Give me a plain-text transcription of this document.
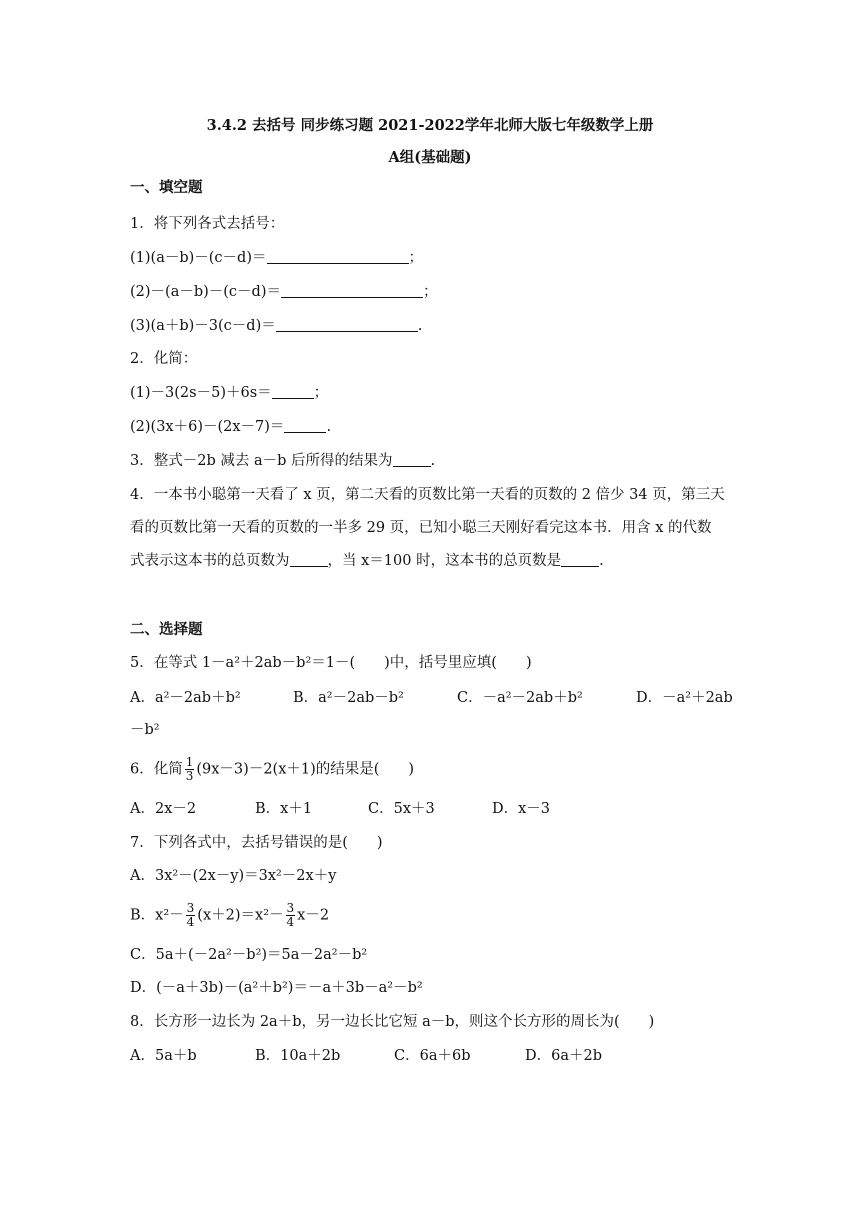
3.4.2 去括号 同步练习题 2021-2022学年北师大版七年级数学上册
A组(基础题)
一、填空题
1．将下列各式去括号：
(1)(a－b)－(c－d)＝	；
(2)－(a－b)－(c－d)＝	；
(3)(a＋b)－3(c－d)＝	.
2．化简：
(1)－3(2s－5)＋6s＝	；
(2)(3x＋6)－(2x－7)＝	.
3．整式－2b 减去 a－b 后所得的结果为	.
4．一本书小聪第一天看了 x 页，第二天看的页数比第一天看的页数的 2 倍少 34 页，第三天
看的页数比第一天看的页数的一半多 29 页，已知小聪三天刚好看完这本书．用含 x 的代数
式表示这本书的总页数为	，当 x＝100 时，这本书的总页数是	.
二、选择题
5．在等式 1－a²＋2ab－b²＝1－(　　)中，括号里应填(　　)
A．a²－2ab＋b²	B．a²－2ab－b²	C．－a²－2ab＋b²	D．－a²＋2ab
－b²
6．化简 $\frac{1}{3} (9x-3)-2(x+1)$的结果是(　　)
A．2x－2	B．x＋1	C．5x＋3	D．x－3
7．下列各式中，去括号错误的是(　　)
A．3x²－(2x－y)＝3x²－2x＋y
B．$x^2- \frac{3}{4} (x+2)=x^2- \frac{3}{4} x-2$
C．5a＋(－2a²－b²)＝5a－2a²－b²
D．(－a＋3b)－(a²＋b²)＝－a＋3b－a²－b²
8．长方形一边长为 2a＋b，另一边长比它短 a－b，则这个长方形的周长为(　　)
A．5a＋b	B．10a＋2b	C．6a＋6b	D．6a＋2b
